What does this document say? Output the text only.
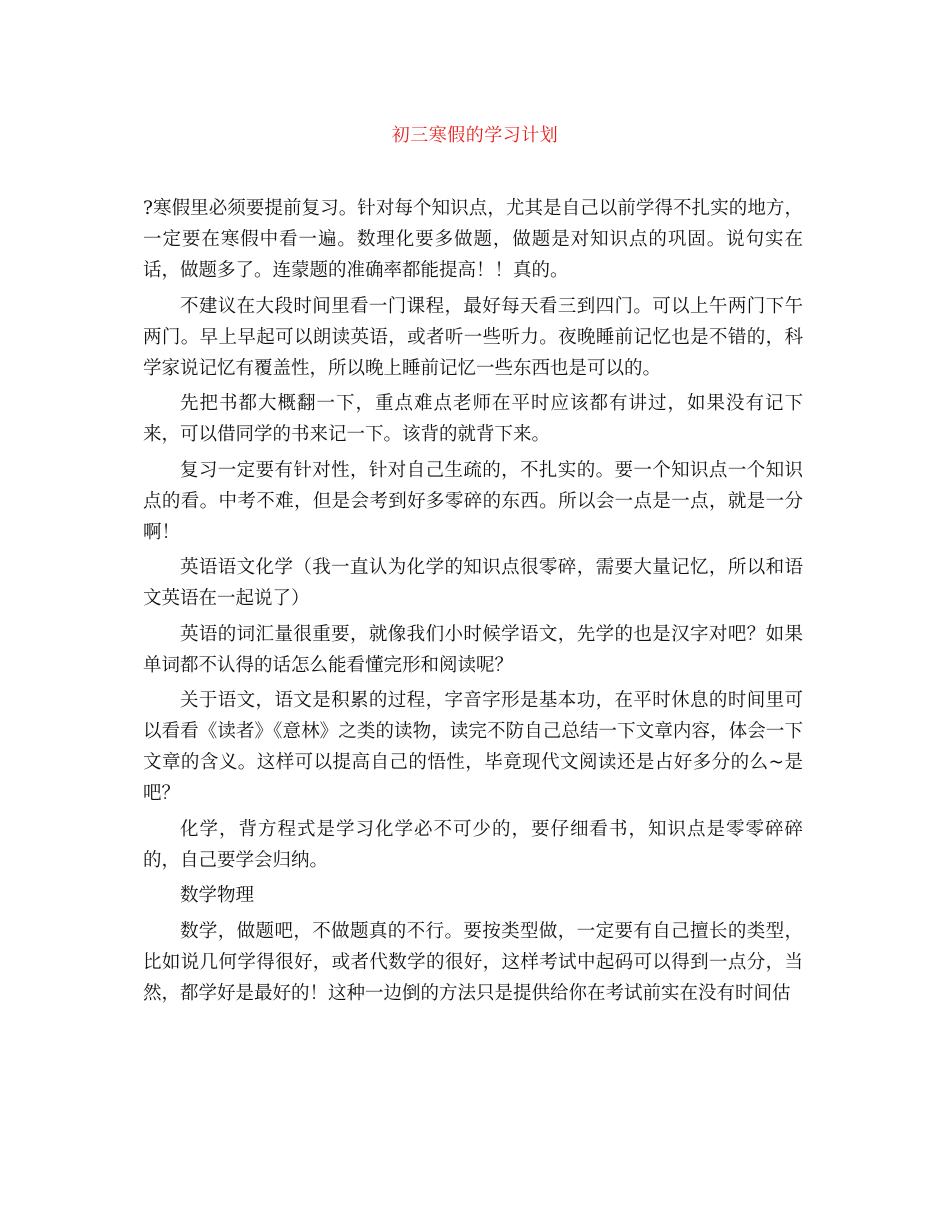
初三寒假的学习计划

?寒假里必须要提前复习。针对每个知识点，尤其是自己以前学得不扎实的地方，一定要在寒假中看一遍。数理化要多做题，做题是对知识点的巩固。说句实在话，做题多了。连蒙题的准确率都能提高！！真的。

不建议在大段时间里看一门课程，最好每天看三到四门。可以上午两门下午两门。早上早起可以朗读英语，或者听一些听力。夜晚睡前记忆也是不错的，科学家说记忆有覆盖性，所以晚上睡前记忆一些东西也是可以的。

先把书都大概翻一下，重点难点老师在平时应该都有讲过，如果没有记下来，可以借同学的书来记一下。该背的就背下来。

复习一定要有针对性，针对自己生疏的，不扎实的。要一个知识点一个知识点的看。中考不难，但是会考到好多零碎的东西。所以会一点是一点，就是一分啊！

英语语文化学（我一直认为化学的知识点很零碎，需要大量记忆，所以和语文英语在一起说了）

英语的词汇量很重要，就像我们小时候学语文，先学的也是汉字对吧？如果单词都不认得的话怎么能看懂完形和阅读呢？

关于语文，语文是积累的过程，字音字形是基本功，在平时休息的时间里可以看看《读者》《意林》之类的读物，读完不防自己总结一下文章内容，体会一下文章的含义。这样可以提高自己的悟性，毕竟现代文阅读还是占好多分的么~是吧？

化学，背方程式是学习化学必不可少的，要仔细看书，知识点是零零碎碎的，自己要学会归纳。

数学物理

数学，做题吧，不做题真的不行。要按类型做，一定要有自己擅长的类型，比如说几何学得很好，或者代数学的很好，这样考试中起码可以得到一点分，当然，都学好是最好的！这种一边倒的方法只是提供给你在考试前实在没有时间估
